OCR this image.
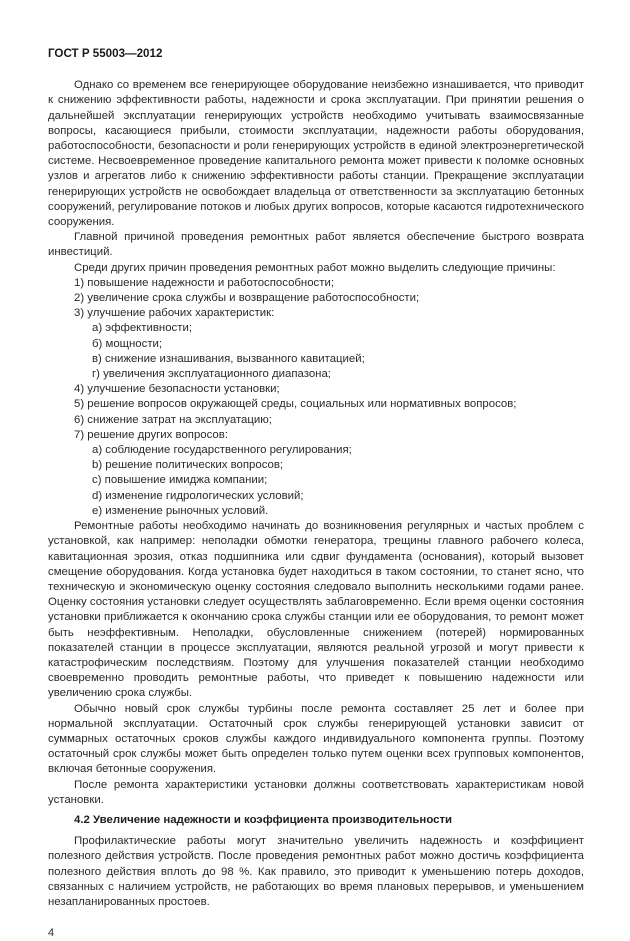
ГОСТ Р 55003—2012

Однако со временем все генерирующее оборудование неизбежно изнашивается, что приводит к снижению эффективности работы, надежности и срока эксплуатации. При принятии решения о дальнейшей эксплуатации генерирующих устройств необходимо учитывать взаимосвязанные вопросы, касающиеся прибыли, стоимости эксплуатации, надежности работы оборудования, работоспособности, безопасности и роли генерирующих устройств в единой электроэнергетической системе. Несвоевременное проведение капитального ремонта может привести к поломке основных узлов и агрегатов либо к снижению эффективности работы станции. Прекращение эксплуатации генерирующих устройств не освобождает владельца от ответственности за эксплуатацию бетонных сооружений, регулирование потоков и любых других вопросов, которые касаются гидротехнического сооружения.

Главной причиной проведения ремонтных работ является обеспечение быстрого возврата инвестиций.

Среди других причин проведения ремонтных работ можно выделить следующие причины:

1) повышение надежности и работоспособности;

2) увеличение срока службы и возвращение работоспособности;

3) улучшение рабочих характеристик:

а) эффективности;

б) мощности;

в) снижение изнашивания, вызванного кавитацией;

г) увеличения эксплуатационного диапазона;

4) улучшение безопасности установки;

5) решение вопросов окружающей среды, социальных или нормативных вопросов;

6) снижение затрат на эксплуатацию;

7) решение других вопросов:

а) соблюдение государственного регулирования;

b) решение политических вопросов;

c) повышение имиджа компании;

d) изменение гидрологических условий;

e) изменение рыночных условий.

Ремонтные работы необходимо начинать до возникновения регулярных и частых проблем с установкой, как например: неполадки обмотки генератора, трещины главного рабочего колеса, кавитационная эрозия, отказ подшипника или сдвиг фундамента (основания), который вызовет смещение оборудования. Когда установка будет находиться в таком состоянии, то станет ясно, что техническую и экономическую оценку состояния следовало выполнить несколькими годами ранее. Оценку состояния установки следует осуществлять заблаговременно. Если время оценки состояния установки приближается к окончанию срока службы станции или ее оборудования, то ремонт может быть неэффективным. Неполадки, обусловленные снижением (потерей) нормированных показателей станции в процессе эксплуатации, являются реальной угрозой и могут привести к катастрофическим последствиям. Поэтому для улучшения показателей станции необходимо своевременно проводить ремонтные работы, что приведет к повышению надежности или увеличению срока службы.

Обычно новый срок службы турбины после ремонта составляет 25 лет и более при нормальной эксплуатации. Остаточный срок службы генерирующей установки зависит от суммарных остаточных сроков службы каждого индивидуального компонента группы. Поэтому остаточный срок службы может быть определен только путем оценки всех групповых компонентов, включая бетонные сооружения.

После ремонта характеристики установки должны соответствовать характеристикам новой установки.

4.2 Увеличение надежности и коэффициента производительности

Профилактические работы могут значительно увеличить надежность и коэффициент полезного действия устройств. После проведения ремонтных работ можно достичь коэффициента полезного действия вплоть до 98 %. Как правило, это приводит к уменьшению потерь доходов, связанных с наличием устройств, не работающих во время плановых перерывов, и уменьшением незапланированных простоев.

4
